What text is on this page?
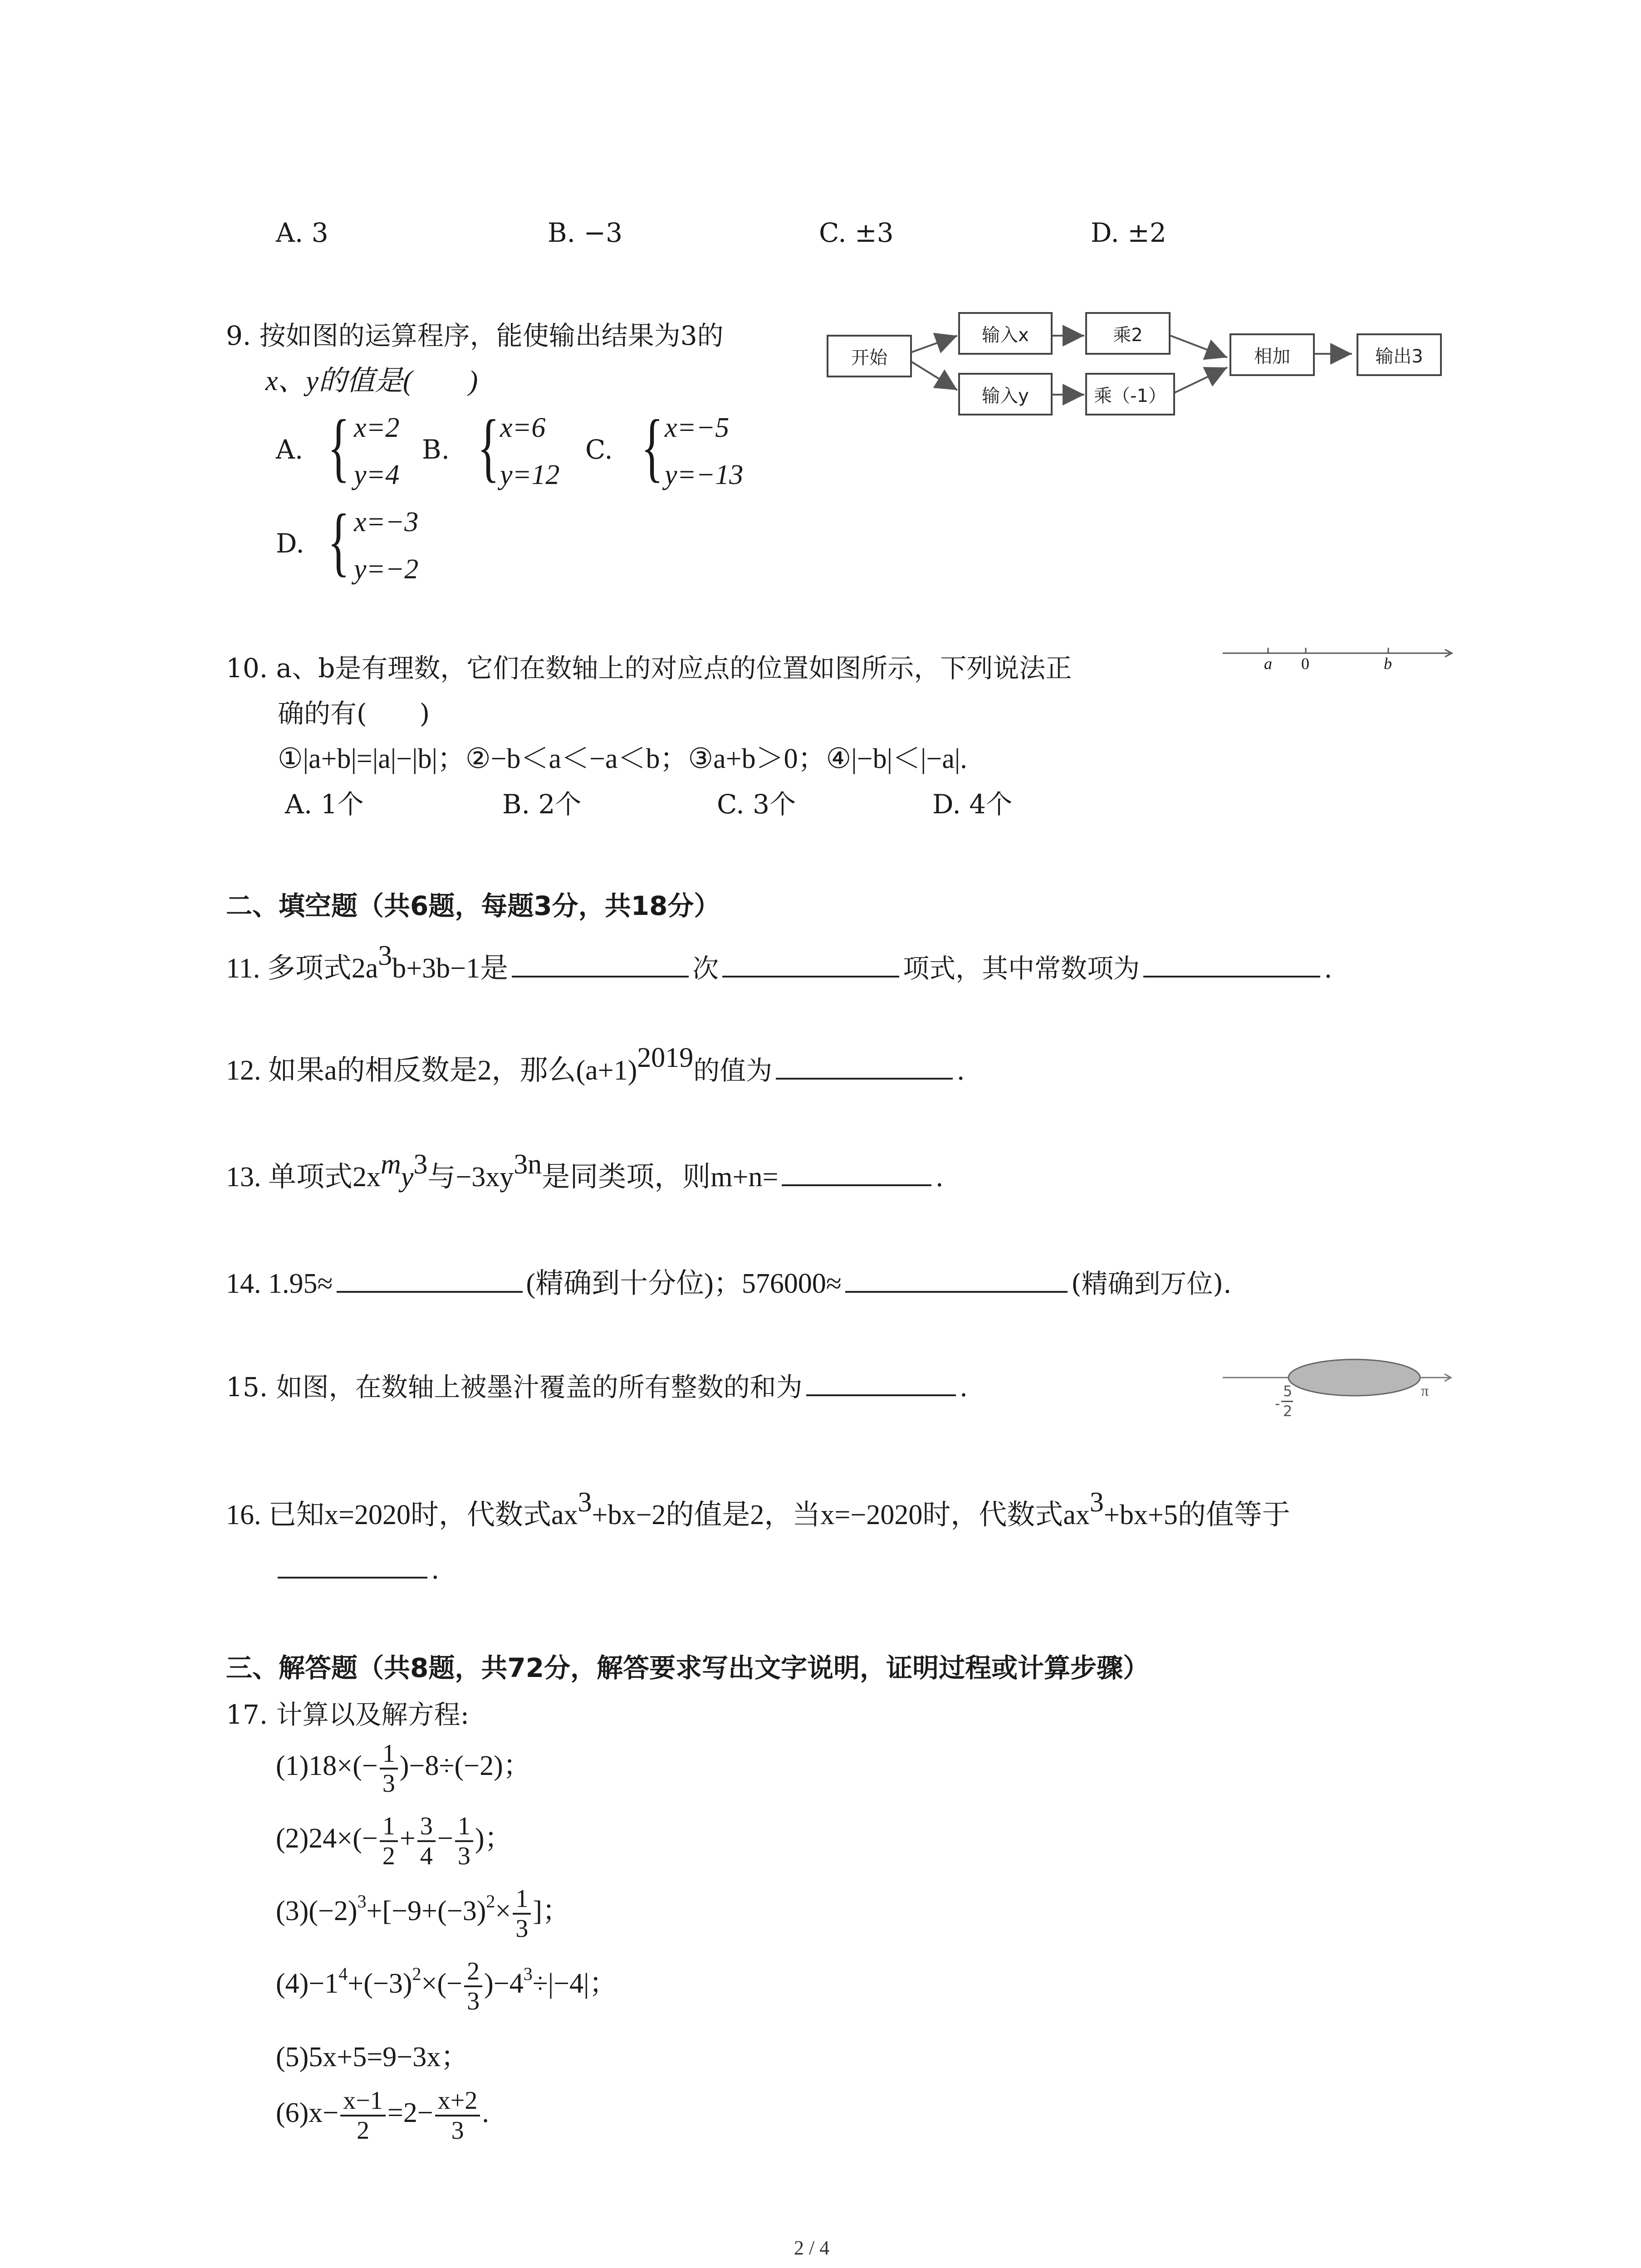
A. 3	B. −3	C. ±3	D. ±2
9. 按如图的运算程序，能使输出结果为3的
x、y的值是(　　)
A. { x=2
y=4
B. { x=6
y=12
C. { x=−5
y=−13
D. { x=−3
y=−2
开始
输入x
输入y
乘2
乘（-1）
相加	输出3
10. a、b是有理数，它们在数轴上的对应点的位置如图所示，下列说法正
确的有(　　)
①|a+b|=|a|−|b|；②−b＜a＜−a＜b；③a+b＞0；④|−b|＜|−a|.
A. 1个	B. 2个	C. 3个	D. 4个
a 0	b
二、填空题（共6题，每题3分，共18分）
11. 多项式$2a^3b+3b-1$是	次	项式，其中常数项为	.
12. 如果a的相反数是2，那么$(a+1)^{2019}$的值为	.
13. 单项式$2x^my^3$与$-3xy^{3n}$是同类项，则m+n=	.
14. 1.95≈	(精确到十分位)；576000≈	(精确到万位).
15. 如图，在数轴上被墨汁覆盖的所有整数的和为	.
-
5
2
π
16. 已知x=2020时，代数式$ax^3+bx-2$的值是2，当x=−2020时，代数式$ax^3+bx+5$的值等于
.
三、解答题（共8题，共72分，解答要求写出文字说明，证明过程或计算步骤）
17. 计算以及解方程:
$(1)18\times(- \frac{1}{3} )-8\div(-2)$；
$(2)24\times(- \frac{1}{2} + \frac{3}{4} - \frac{1}{3}$ )；
$(3)(-2)^3+[-9+(-3)^2\times \frac{1}{3}$ ]；
$(4)-1^4+(-3)^2\times(- \frac{2}{3} )-4^3\div|-4|$；
(5)5x+5=9−3x；
$(6)x- \frac{x-1}{2} =2- \frac{x+2}{3}$ .
2 / 4
